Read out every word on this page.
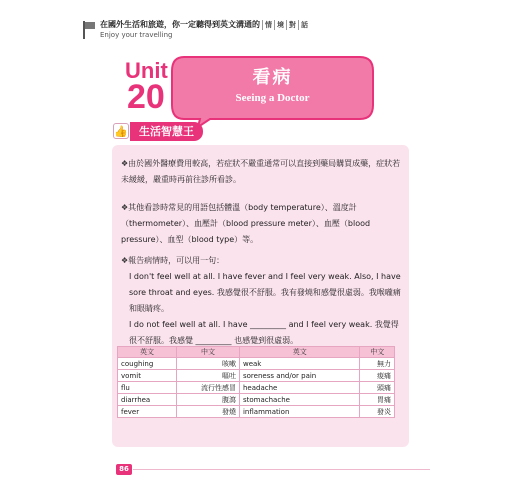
在國外生活和旅遊，你一定聽得到英文溝通的 情 境 對 話
Enjoy your travelling
Unit
20
看病
Seeing a Doctor
👍	生活智慧王
❖由於國外醫療費用較高，若症狀不嚴重通常可以直接到藥局購買成藥，症狀若未緩緩，嚴重時再前往診所看診。
❖其他看診時常見的用語包括體溫（body temperature）、溫度計（thermometer）、血壓計（blood pressure meter）、血壓（blood pressure）、血型（blood type）等。
❖報告病情時，可以用一句：
I don't feel well at all. I have fever and I feel very weak. Also, I have sore throat and eyes. 我感覺很不舒服。我有發燒和感覺很虛弱。我喉嚨痛和眼睛疼。
I do not feel well at all. I have _________ and I feel very weak. 我覺得很不舒服。我感覺 _________ 也感覺到很虛弱。
英文	中文	英文	中文
coughing	咳嗽	weak	無力
vomit	嘔吐	soreness and/or pain	痠痛
flu	流行性感冒	headache	頭痛
diarrhea	腹瀉	stomachache	胃痛
fever	發燒	inflammation	發炎
86
